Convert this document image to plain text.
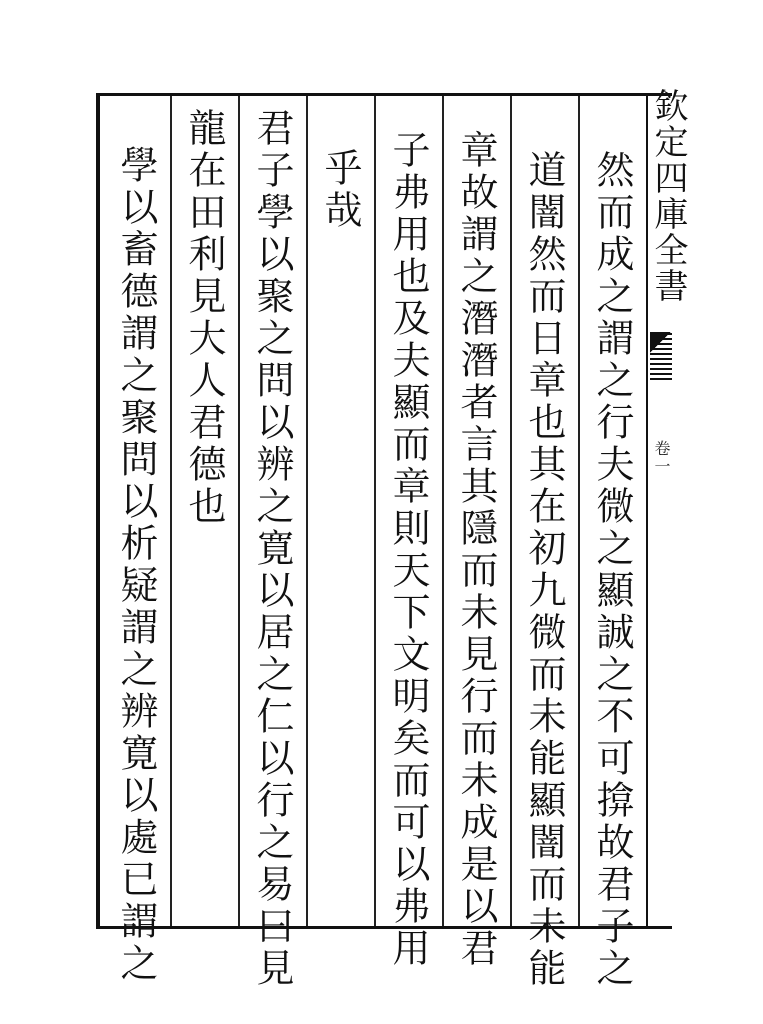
欽定四庫全書
卷一
然而成之謂之行夫微之顯誠之不可揜故君子之
道闇然而日章也其在初九微而未能顯闇而未能
章故謂之潛潛者言其隱而未見行而未成是以君
子弗用也及夫顯而章則天下文明矣而可以弗用
乎哉
君子學以聚之問以辨之寛以居之仁以行之易曰見
龍在田利見大人君德也
學以畜德謂之聚問以析疑謂之辨寛以處已謂之
